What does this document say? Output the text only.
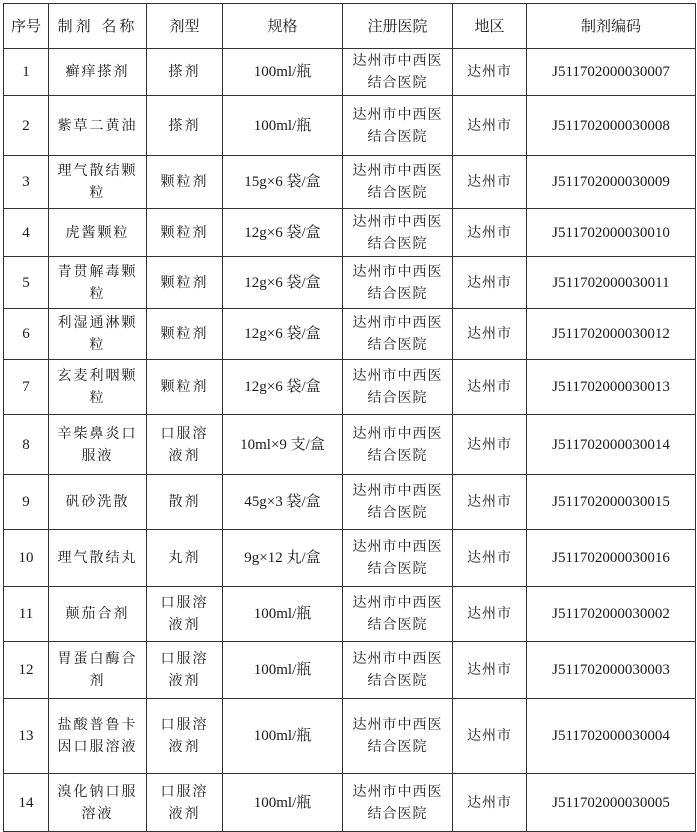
序号	制剂 名称	剂型	规格	注册医院	地区	制剂编码
1	癣痒搽剂	搽剂	100ml/瓶	达州市中西医结合医院	达州市	J511702000030007
2	紫草二黄油	搽剂	100ml/瓶	达州市中西医结合医院	达州市	J511702000030008
3	理气散结颗粒	颗粒剂	15g×6 袋/盒	达州市中西医结合医院	达州市	J511702000030009
4	虎酱颗粒	颗粒剂	12g×6 袋/盒	达州市中西医结合医院	达州市	J511702000030010
5	青贯解毒颗粒	颗粒剂	12g×6 袋/盒	达州市中西医结合医院	达州市	J511702000030011
6	利湿通淋颗粒	颗粒剂	12g×6 袋/盒	达州市中西医结合医院	达州市	J511702000030012
7	玄麦利咽颗粒	颗粒剂	12g×6 袋/盒	达州市中西医结合医院	达州市	J511702000030013
8	辛柴鼻炎口服液	口服溶液剂	10ml×9 支/盒	达州市中西医结合医院	达州市	J511702000030014
9	矾砂洗散	散剂	45g×3 袋/盒	达州市中西医结合医院	达州市	J511702000030015
10	理气散结丸	丸剂	9g×12 丸/盒	达州市中西医结合医院	达州市	J511702000030016
11	颠茄合剂	口服溶液剂	100ml/瓶	达州市中西医结合医院	达州市	J511702000030002
12	胃蛋白酶合剂	口服溶液剂	100ml/瓶	达州市中西医结合医院	达州市	J511702000030003
13	盐酸普鲁卡因口服溶液	口服溶液剂	100ml/瓶	达州市中西医结合医院	达州市	J511702000030004
14	溴化钠口服溶液	口服溶液剂	100ml/瓶	达州市中西医结合医院	达州市	J511702000030005
